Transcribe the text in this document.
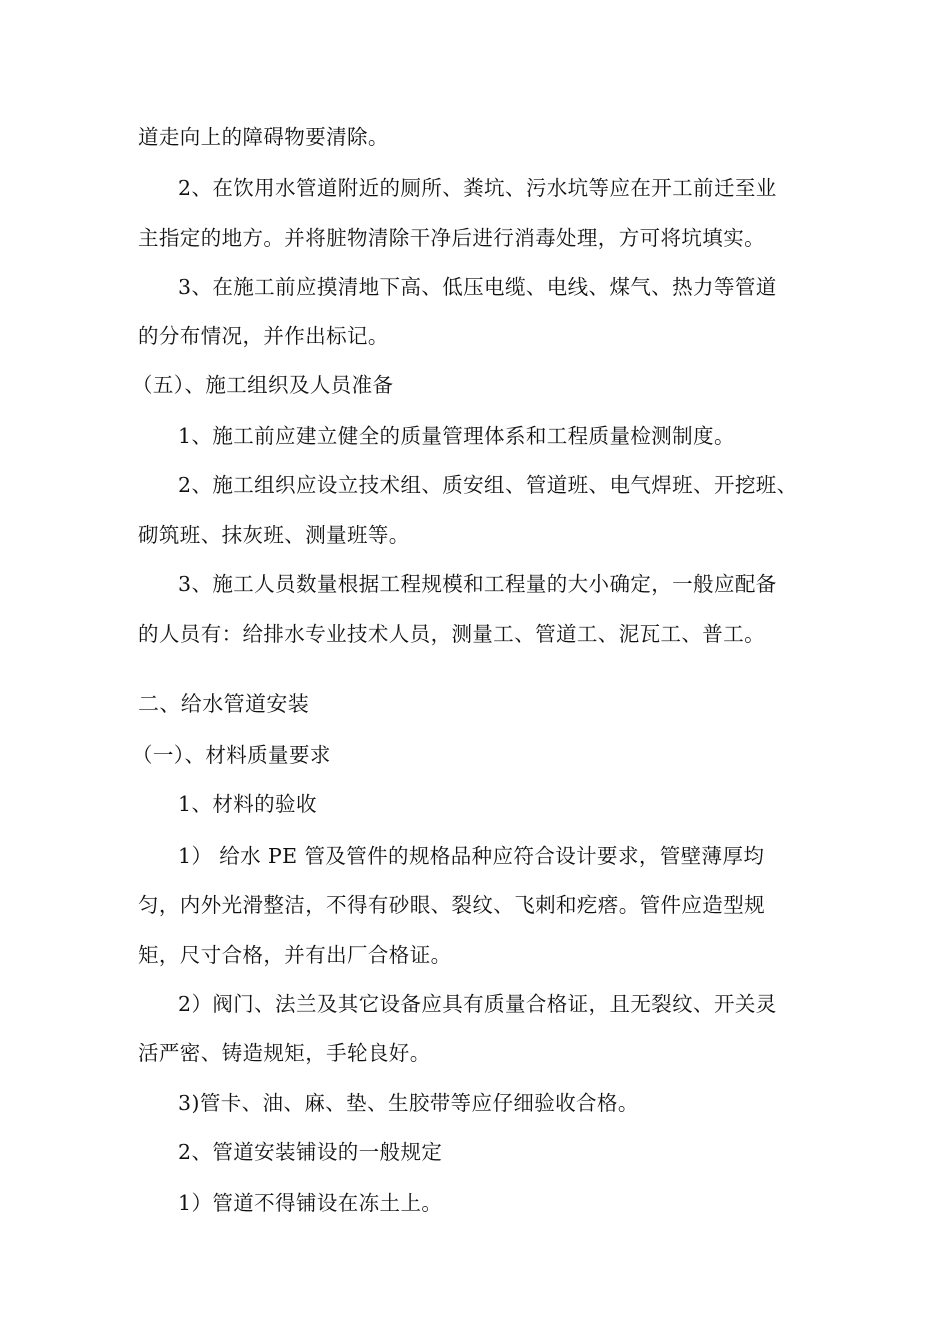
道走向上的障碍物要清除。
2、在饮用水管道附近的厕所、粪坑、污水坑等应在开工前迁至业
主指定的地方。并将脏物清除干净后进行消毒处理，方可将坑填实。
3、在施工前应摸清地下高、低压电缆、电线、煤气、热力等管道
的分布情况，并作出标记。
（五）、施工组织及人员准备
1、施工前应建立健全的质量管理体系和工程质量检测制度。
2、施工组织应设立技术组、质安组、管道班、电气焊班、开挖班、
砌筑班、抹灰班、测量班等。
3、施工人员数量根据工程规模和工程量的大小确定，一般应配备
的人员有：给排水专业技术人员，测量工、管道工、泥瓦工、普工。
二、给水管道安装
（一）、材料质量要求
1、材料的验收
1） 给水 PE 管及管件的规格品种应符合设计要求，管壁薄厚均
匀，内外光滑整洁，不得有砂眼、裂纹、飞刺和疙瘩。管件应造型规
矩，尺寸合格，并有出厂合格证。
2）阀门、法兰及其它设备应具有质量合格证，且无裂纹、开关灵
活严密、铸造规矩，手轮良好。
3)管卡、油、麻、垫、生胶带等应仔细验收合格。
2、管道安装铺设的一般规定
1）管道不得铺设在冻土上。
